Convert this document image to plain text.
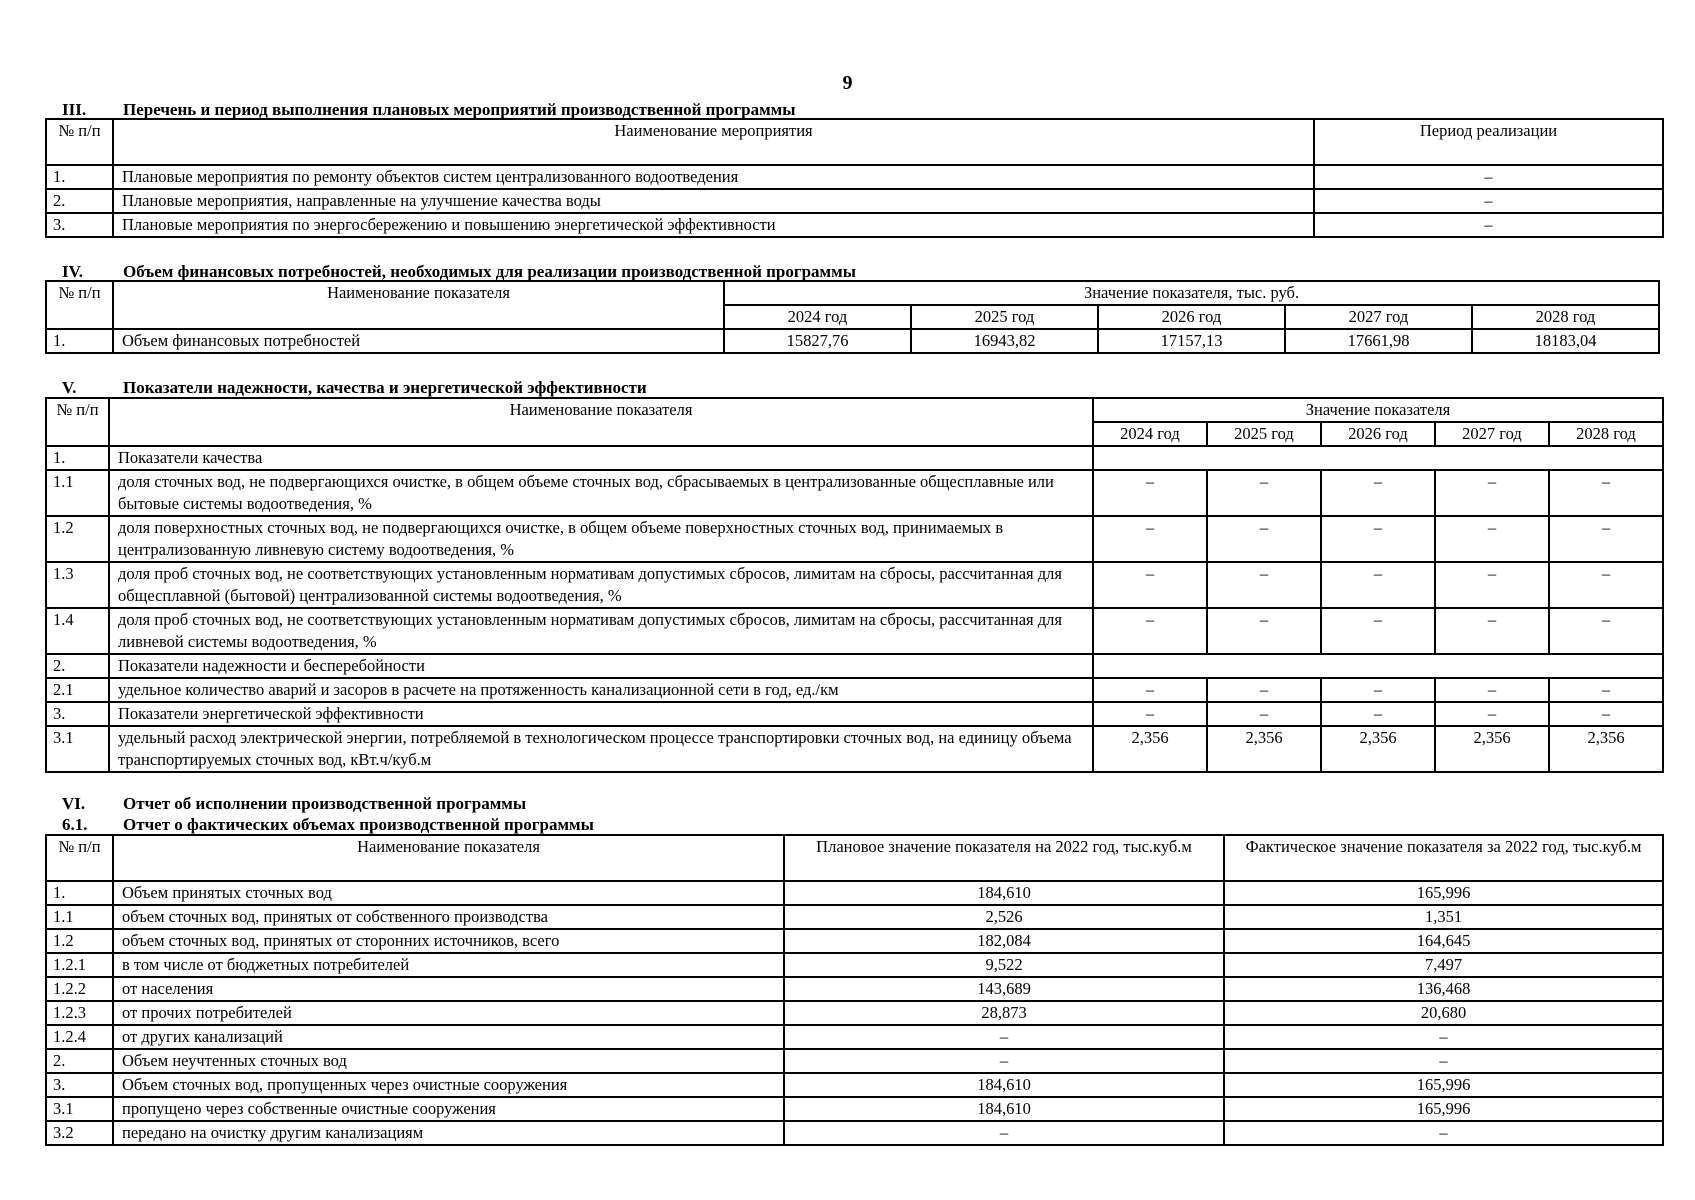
9
III. Перечень и период выполнения плановых мероприятий производственной программы
№ п/п	Наименование мероприятия	Период реализации
1.	Плановые мероприятия по ремонту объектов систем централизованного водоотведения	–
2.	Плановые мероприятия, направленные на улучшение качества воды	–
3.	Плановые мероприятия по энергосбережению и повышению энергетической эффективности	–
IV. Объем финансовых потребностей, необходимых для реализации производственной программы
№ п/п	Наименование показателя	Значение показателя, тыс. руб.				
		2024 год	2025 год	2026 год	2027 год	2028 год
1.	Объем финансовых потребностей	15827,76	16943,82	17157,13	17661,98	18183,04
V.	Показатели надежности, качества и энергетической эффективности
№ п/п	Наименование показателя	Значение показателя				
		2024 год	2025 год	2026 год	2027 год	2028 год
1.	Показатели качества					
1.1	доля сточных вод, не подвергающихся очистке, в общем объеме сточных вод, сбрасываемых в централизованные общесплавные или бытовые системы водоотведения, %	–	–	–	–	–
1.2	доля поверхностных сточных вод, не подвергающихся очистке, в общем объеме поверхностных сточных вод, принимаемых в централизованную ливневую систему водоотведения, %	–	–	–	–	–
1.3	доля проб сточных вод, не соответствующих установленным нормативам допустимых сбросов, лимитам на сбросы, рассчитанная для общесплавной (бытовой) централизованной системы водоотведения, %	–	–	–	–	–
1.4	доля проб сточных вод, не соответствующих установленным нормативам допустимых сбросов, лимитам на сбросы, рассчитанная для ливневой системы водоотведения, %	–	–	–	–	–
2.	Показатели надежности и бесперебойности					
2.1	удельное количество аварий и засоров в расчете на протяженность канализационной сети в год, ед./км	–	–	–	–	–
3.	Показатели энергетической эффективности	–	–	–	–	–
3.1	удельный расход электрической энергии, потребляемой в технологическом процессе транспортировки сточных вод, на единицу объема транспортируемых сточных вод, кВт.ч/куб.м	2,356	2,356	2,356	2,356	2,356
VI. Отчет об исполнении производственной программы
6.1. Отчет о фактических объемах производственной программы
№ п/п	Наименование показателя	Плановое значение показателя на 2022 год, тыс.куб.м	Фактическое значение показателя за 2022 год, тыс.куб.м
1.	Объем принятых сточных вод	184,610	165,996
1.1	объем сточных вод, принятых от собственного производства	2,526	1,351
1.2	объем сточных вод, принятых от сторонних источников, всего	182,084	164,645
1.2.1	в том числе от бюджетных потребителей	9,522	7,497
1.2.2	от населения	143,689	136,468
1.2.3	от прочих потребителей	28,873	20,680
1.2.4	от других канализаций	–	–
2.	Объем неучтенных сточных вод	–	–
3.	Объем сточных вод, пропущенных через очистные сооружения	184,610	165,996
3.1	пропущено через собственные очистные сооружения	184,610	165,996
3.2	передано на очистку другим канализациям	–	–
